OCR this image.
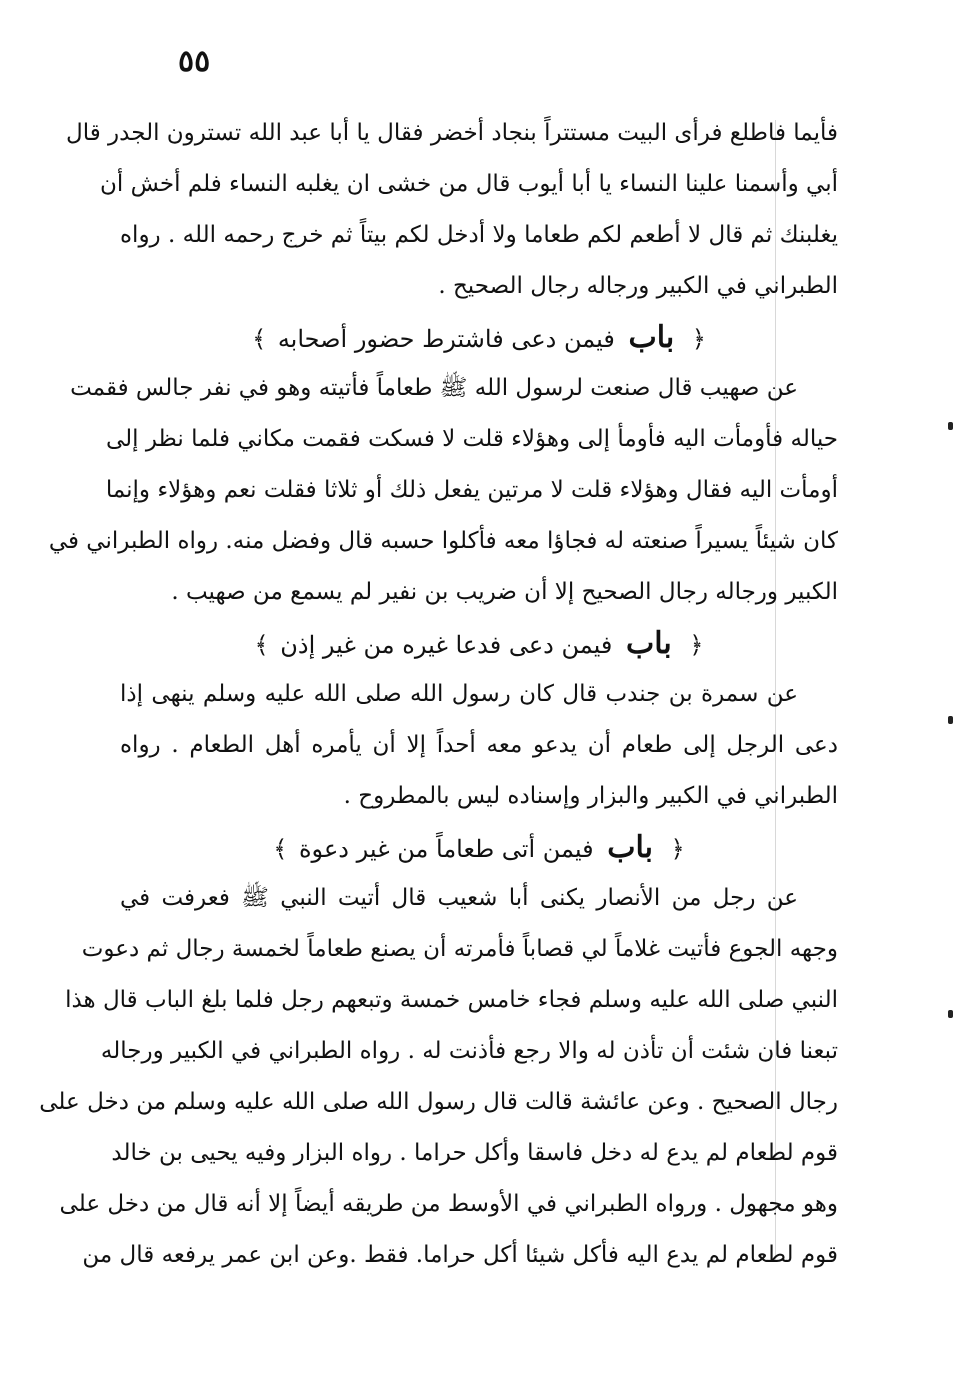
٥٥
فأيما فاطلع فرأى البيت مستتراً بنجاد أخضر فقال يا أبا عبد الله تسترون الجدر قال
أبي وأسمنا علينا النساء يا أبا أيوب قال من خشى ان يغلبه النساء فلم أخش أن
يغلبنك ثم قال لا أطعم لكم طعاما ولا أدخل لكم بيتاً ثم خرج رحمه الله . رواه
الطبراني في الكبير ورجاله رجال الصحيح .
﴿ باب فيمن دعى فاشترط حضور أصحابه ﴾
عن صهيب قال صنعت لرسول الله ﷺ طعاماً فأتيته وهو في نفر جالس فقمت
حياله فأومأت اليه فأومأ إلى وهؤلاء قلت لا فسكت فقمت مكاني فلما نظر إلى
أومأت اليه فقال وهؤلاء قلت لا مرتين يفعل ذلك أو ثلاثا فقلت نعم وهؤلاء وإنما
كان شيئاً يسيراً صنعته له فجاؤا معه فأكلوا حسبه قال وفضل منه. رواه الطبراني في
الكبير ورجاله رجال الصحيح إلا أن ضريب بن نفير لم يسمع من صهيب .
﴿ باب فيمن دعى فدعا غيره من غير إذن ﴾
عن سمرة بن جندب قال كان رسول الله صلى الله عليه وسلم ينهى إذا
دعى الرجل إلى طعام أن يدعو معه أحداً إلا أن يأمره أهل الطعام . رواه
الطبراني في الكبير والبزار وإسناده ليس بالمطروح .
﴿ باب فيمن أتى طعاماً من غير دعوة ﴾
عن رجل من الأنصار يكنى أبا شعيب قال أتيت النبي ﷺ فعرفت في
وجهه الجوع فأتيت غلاماً لي قصاباً فأمرته أن يصنع طعاماً لخمسة رجال ثم دعوت
النبي صلى الله عليه وسلم فجاء خامس خمسة وتبعهم رجل فلما بلغ الباب قال هذا
تبعنا فان شئت أن تأذن له والا رجع فأذنت له . رواه الطبراني في الكبير ورجاله
رجال الصحيح . وعن عائشة قالت قال رسول الله صلى الله عليه وسلم من دخل على
قوم لطعام لم يدع له دخل فاسقا وأكل حراما . رواه البزار وفيه يحيى بن خالد
وهو مجهول . ورواه الطبراني في الأوسط من طريقه أيضاً إلا أنه قال من دخل على
قوم لطعام لم يدع اليه فأكل شيئا أكل حراما. فقط .وعن ابن عمر يرفعه قال من
